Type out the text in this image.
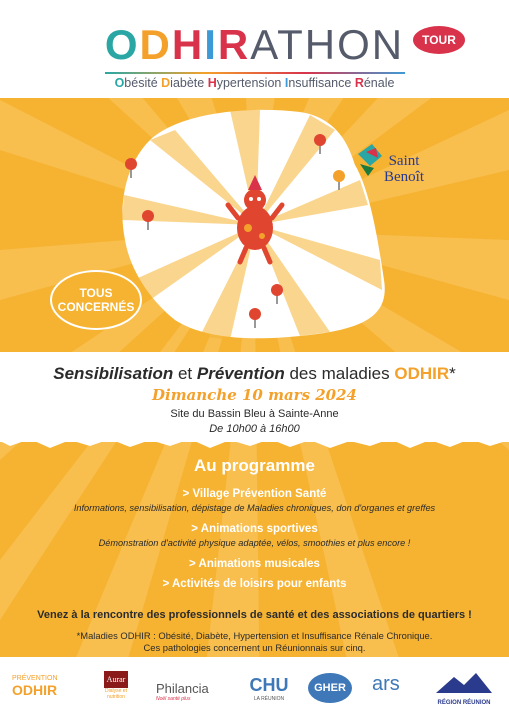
ODHIRATHON	TOUR
Obésité Diabète Hypertension Insuffisance Rénale
Saint
Benoît
TOUS
CONCERNÉS
Sensibilisation et Prévention des maladies ODHIR*
Dimanche 10 mars 2024
Site du Bassin Bleu à Sainte-Anne
De 10h00 à 16h00
Au programme
> Village Prévention Santé
Informations, sensibilisation, dépistage de Maladies chroniques, don d'organes et greffes
> Animations sportives
Démonstration d'activité physique adaptée, vélos, smoothies et plus encore !
> Animations musicales
> Activités de loisirs pour enfants
Venez à la rencontre des professionnels de santé et des associations de quartiers !
*Maladies ODHIR : Obésité, Diabète, Hypertension et Insuffisance Rénale Chronique.
Ces pathologies concernent un Réunionnais sur cinq.
PRÉVENTION
ODHIR
Aurar
Dialyse et nutrition
Philancia
Noël santé plus
CHU
LA RÉUNION
GHER	ars
RÉGION RÉUNION
